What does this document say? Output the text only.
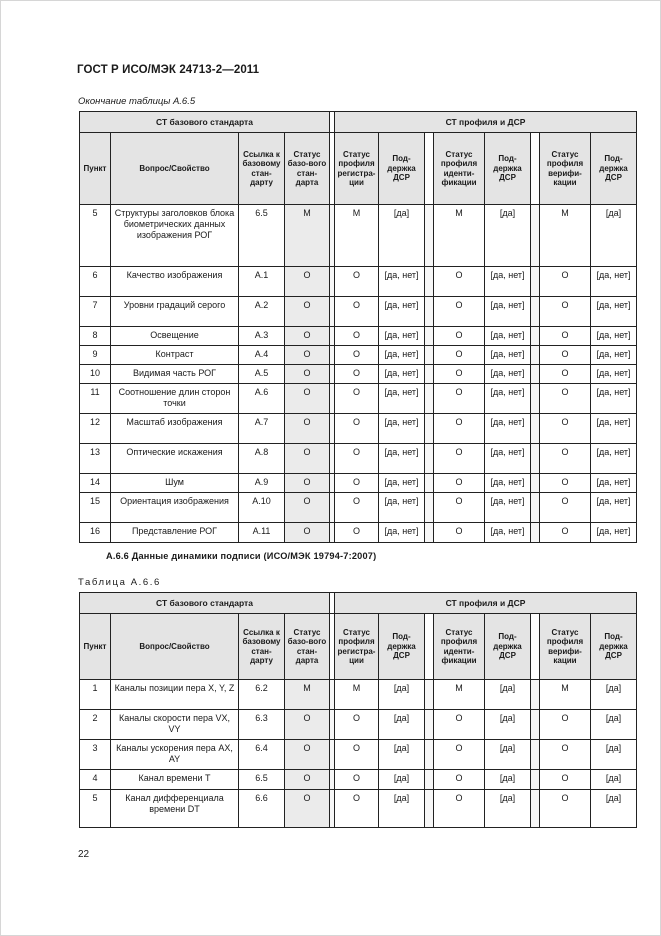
ГОСТ Р ИСО/МЭК 24713-2—2011
Окончание таблицы А.6.5
СТ базового стандарта					СТ профиля и ДСР							
Пункт	Вопрос/Свойство	Ссылка к базовому стан-дарту	Статус базо-вого стан-дарта		Статус профиля регистра-ции	Под-держка ДСР		Статус профиля иденти-фикации	Под-держка ДСР		Статус профиля верифи-кации	Под-держка ДСР
5	Структуры заголовков блока биометрических данных изображения РОГ	6.5	M		M	[да]		M	[да]		M	[да]
6	Качество изображения	А.1	O		O	[да, нет]		O	[да, нет]		O	[да, нет]
7	Уровни градаций серого	А.2	O		O	[да, нет]		O	[да, нет]		O	[да, нет]
8	Освещение	А.3	O		O	[да, нет]		O	[да, нет]		O	[да, нет]
9	Контраст	А.4	O		O	[да, нет]		O	[да, нет]		O	[да, нет]
10	Видимая часть РОГ	А.5	O		O	[да, нет]		O	[да, нет]		O	[да, нет]
11	Соотношение длин сторон точки	А.6	O		O	[да, нет]		O	[да, нет]		O	[да, нет]
12	Масштаб изображения	А.7	O		O	[да, нет]		O	[да, нет]		O	[да, нет]
13	Оптические искажения	А.8	O		O	[да, нет]		O	[да, нет]		O	[да, нет]
14	Шум	А.9	O		O	[да, нет]		O	[да, нет]		O	[да, нет]
15	Ориентация изображения	А.10	O		O	[да, нет]		O	[да, нет]		O	[да, нет]
16	Представление РОГ	А.11	O		O	[да, нет]		O	[да, нет]		O	[да, нет]
А.6.6 Данные динамики подписи (ИСО/МЭК 19794-7:2007)
Таблица А.6.6
СТ базового стандарта					СТ профиля и ДСР							
Пункт	Вопрос/Свойство	Ссылка к базовому стан-дарту	Статус базо-вого стан-дарта		Статус профиля регистра-ции	Под-держка ДСР		Статус профиля иденти-фикации	Под-держка ДСР		Статус профиля верифи-кации	Под-держка ДСР
1	Каналы позиции пера X, Y, Z	6.2	M		M	[да]		M	[да]		M	[да]
2	Каналы скорости пера VX, VY	6.3	O		O	[да]		O	[да]		O	[да]
3	Каналы ускорения пера AX, AY	6.4	O		O	[да]		O	[да]		O	[да]
4	Канал времени T	6.5	O		O	[да]		O	[да]		O	[да]
5	Канал дифференциала времени DT	6.6	O		O	[да]		O	[да]		O	[да]
22
